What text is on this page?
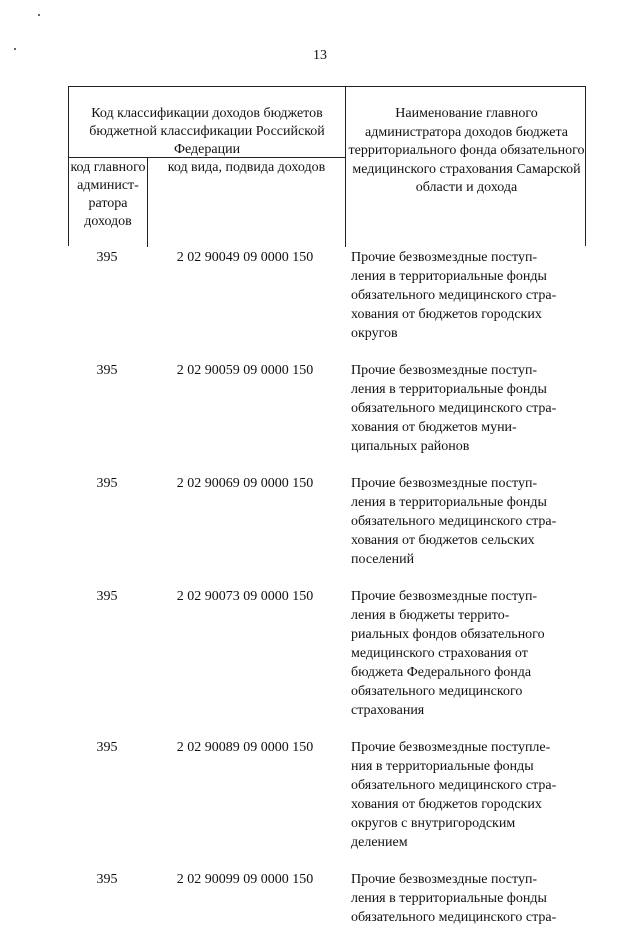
13
Код классификации доходов бюджетов бюджетной классификации Российской Федерации
код главного админист-ратора доходов
код вида, подвида доходов
Наименование главного администратора доходов бюджета территориального фонда обязательного медицинского страхования Самарской области и дохода
395	2 02 90049 09 0000 150	Прочие безвозмездные поступ-
ления в территориальные фонды
обязательного медицинского стра-
хования от бюджетов городских
округов
395	2 02 90059 09 0000 150	Прочие безвозмездные поступ-
ления в территориальные фонды
обязательного медицинского стра-
хования от бюджетов муни-
ципальных районов
395	2 02 90069 09 0000 150	Прочие безвозмездные поступ-
ления в территориальные фонды
обязательного медицинского стра-
хования от бюджетов сельских
поселений
395	2 02 90073 09 0000 150	Прочие безвозмездные поступ-
ления в бюджеты террито-
риальных фондов обязательного
медицинского страхования от
бюджета Федерального фонда
обязательного медицинского
страхования
395	2 02 90089 09 0000 150	Прочие безвозмездные поступле-
ния в территориальные фонды
обязательного медицинского стра-
хования от бюджетов городских
округов с внутригородским
делением
395	2 02 90099 09 0000 150	Прочие безвозмездные поступ-
ления в территориальные фонды
обязательного медицинского стра-
